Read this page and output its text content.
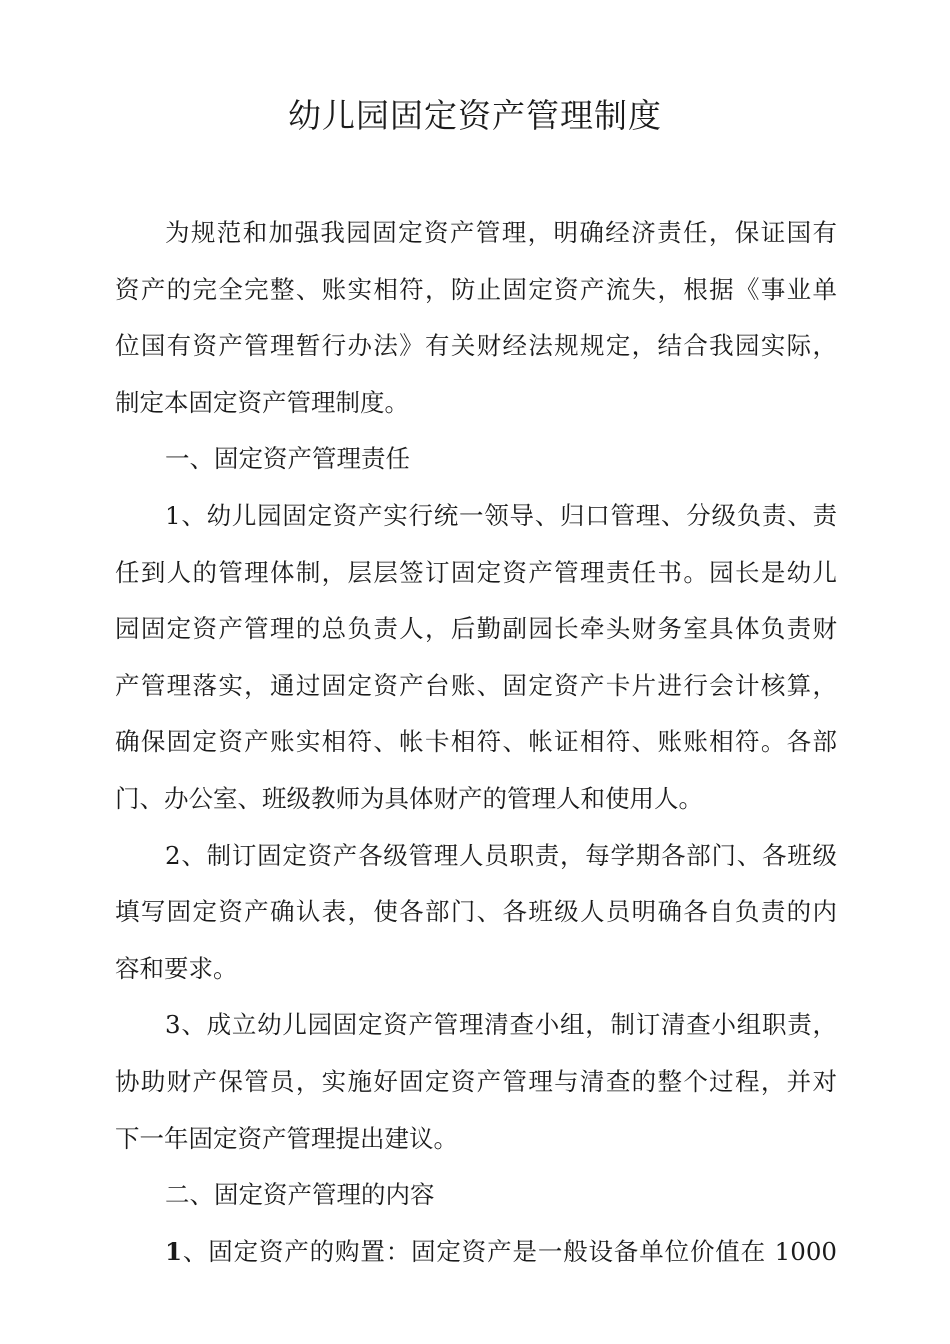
幼儿园固定资产管理制度
为规范和加强我园固定资产管理，明确经济责任，保证国有
资产的完全完整、账实相符，防止固定资产流失，根据《事业单
位国有资产管理暂行办法》有关财经法规规定，结合我园实际，
制定本固定资产管理制度。
一、固定资产管理责任
1、幼儿园固定资产实行统一领导、归口管理、分级负责、责
任到人的管理体制，层层签订固定资产管理责任书。园长是幼儿
园固定资产管理的总负责人，后勤副园长牵头财务室具体负责财
产管理落实，通过固定资产台账、固定资产卡片进行会计核算，
确保固定资产账实相符、帐卡相符、帐证相符、账账相符。各部
门、办公室、班级教师为具体财产的管理人和使用人。
2、制订固定资产各级管理人员职责，每学期各部门、各班级
填写固定资产确认表，使各部门、各班级人员明确各自负责的内
容和要求。
3、成立幼儿园固定资产管理清查小组，制订清查小组职责，
协助财产保管员，实施好固定资产管理与清查的整个过程，并对
下一年固定资产管理提出建议。
二、固定资产管理的内容
1、固定资产的购置：固定资产是一般设备单位价值在 1000
